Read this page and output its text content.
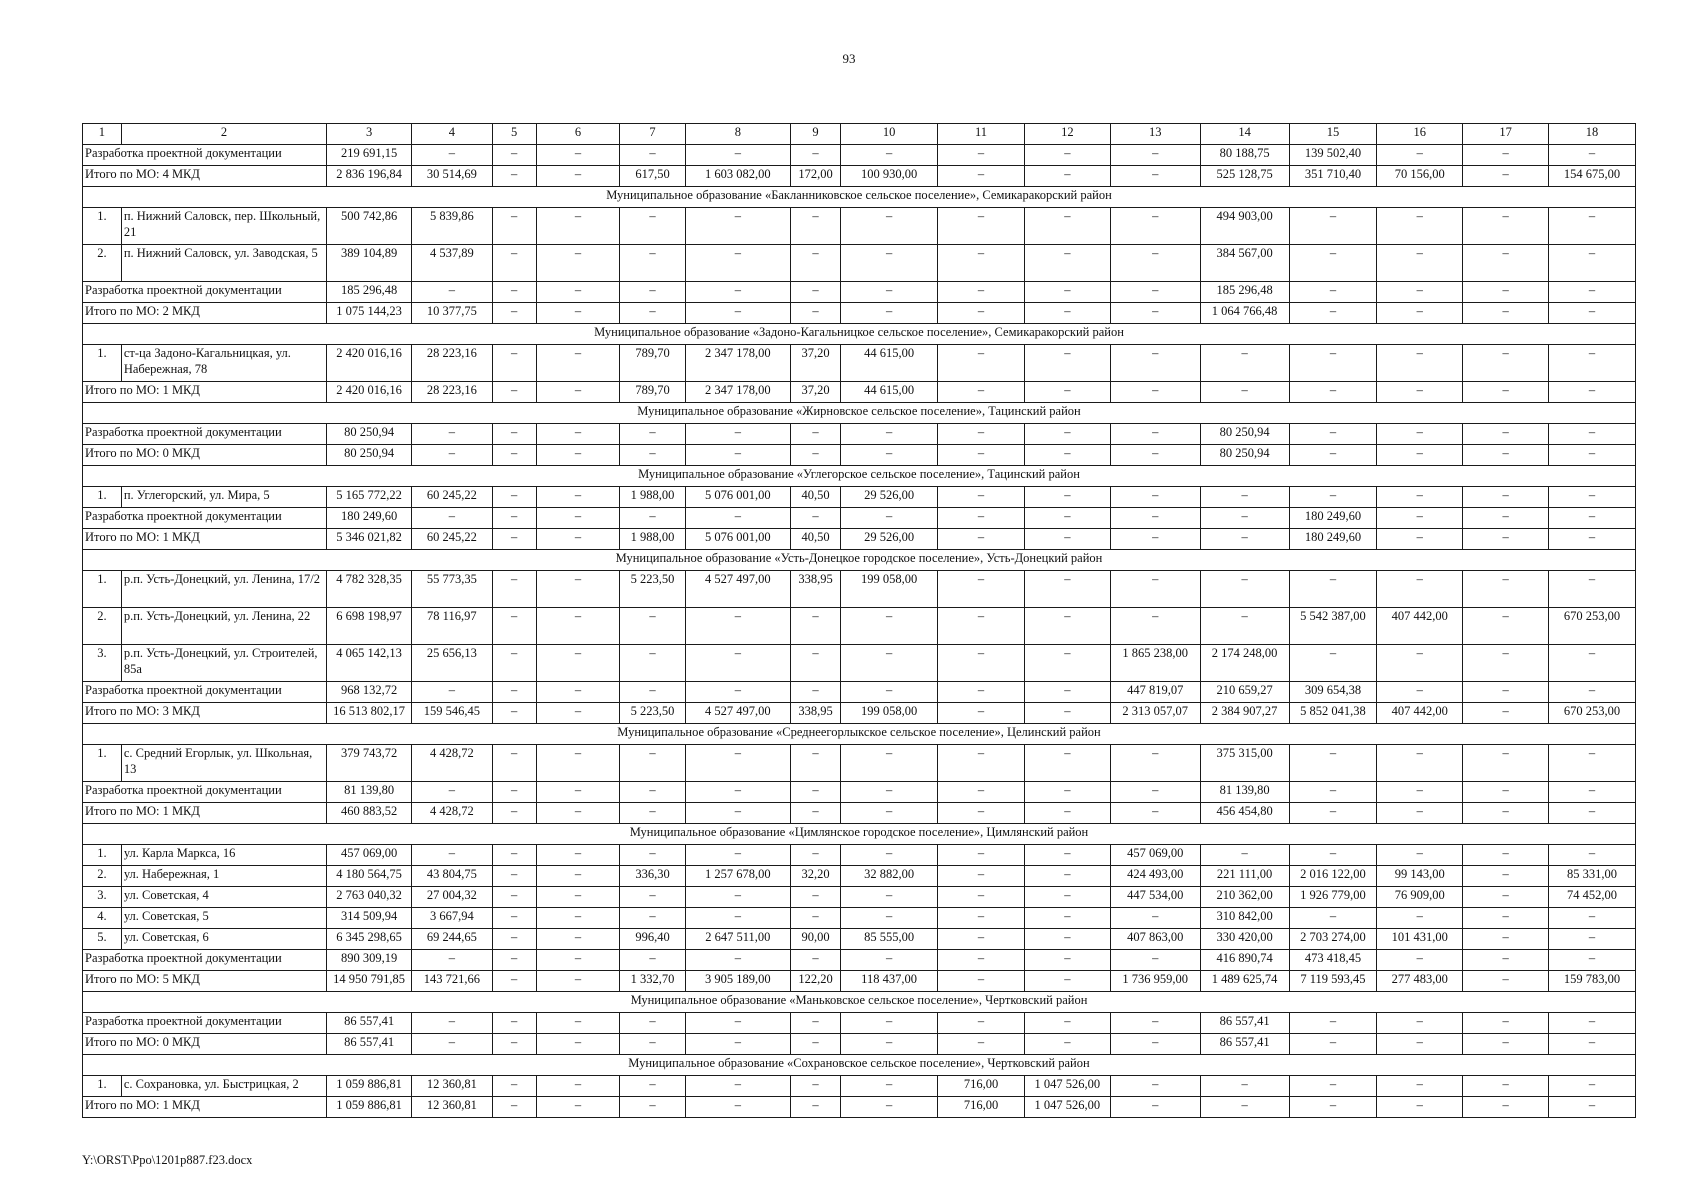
93
1	2	3	4	5	6	7	8	9	10	11	12	13	14	15	16	17	18
Разработка проектной документации		219 691,15	–	–	–	–	–	–	–	–	–	–	80 188,75	139 502,40	–	–	–
Итого по МО: 4 МКД		2 836 196,84	30 514,69	–	–	617,50	1 603 082,00	172,00	100 930,00	–	–	–	525 128,75	351 710,40	70 156,00	–	154 675,00
Муниципальное образование «Бакланниковское сельское поселение», Семикаракорский район																	
1.	п. Нижний Саловск, пер. Школьный, 21	500 742,86	5 839,86	–	–	–	–	–	–	–	–	–	494 903,00	–	–	–	–
2.	п. Нижний Саловск, ул. Заводская, 5	389 104,89	4 537,89	–	–	–	–	–	–	–	–	–	384 567,00	–	–	–	–
Разработка проектной документации		185 296,48	–	–	–	–	–	–	–	–	–	–	185 296,48	–	–	–	–
Итого по МО: 2 МКД		1 075 144,23	10 377,75	–	–	–	–	–	–	–	–	–	1 064 766,48	–	–	–	–
Муниципальное образование «Задоно-Кагальницкое сельское поселение», Семикаракорский район																	
1.	ст-ца Задоно-Кагальницкая, ул. Набережная, 78	2 420 016,16	28 223,16	–	–	789,70	2 347 178,00	37,20	44 615,00	–	–	–	–	–	–	–	–
Итого по МО: 1 МКД		2 420 016,16	28 223,16	–	–	789,70	2 347 178,00	37,20	44 615,00	–	–	–	–	–	–	–	–
Муниципальное образование «Жирновское сельское поселение», Тацинский район																	
Разработка проектной документации		80 250,94	–	–	–	–	–	–	–	–	–	–	80 250,94	–	–	–	–
Итого по МО: 0 МКД		80 250,94	–	–	–	–	–	–	–	–	–	–	80 250,94	–	–	–	–
Муниципальное образование «Углегорское сельское поселение», Тацинский район																	
1.	п. Углегорский, ул. Мира, 5	5 165 772,22	60 245,22	–	–	1 988,00	5 076 001,00	40,50	29 526,00	–	–	–	–	–	–	–	–
Разработка проектной документации		180 249,60	–	–	–	–	–	–	–	–	–	–	–	180 249,60	–	–	–
Итого по МО: 1 МКД		5 346 021,82	60 245,22	–	–	1 988,00	5 076 001,00	40,50	29 526,00	–	–	–	–	180 249,60	–	–	–
Муниципальное образование «Усть-Донецкое городское поселение», Усть-Донецкий район																	
1.	р.п. Усть-Донецкий, ул. Ленина, 17/2	4 782 328,35	55 773,35	–	–	5 223,50	4 527 497,00	338,95	199 058,00	–	–	–	–	–	–	–	–
2.	р.п. Усть-Донецкий, ул. Ленина, 22	6 698 198,97	78 116,97	–	–	–	–	–	–	–	–	–	–	5 542 387,00	407 442,00	–	670 253,00
3.	р.п. Усть-Донецкий, ул. Строителей, 85а	4 065 142,13	25 656,13	–	–	–	–	–	–	–	–	1 865 238,00	2 174 248,00	–	–	–	–
Разработка проектной документации		968 132,72	–	–	–	–	–	–	–	–	–	447 819,07	210 659,27	309 654,38	–	–	–
Итого по МО: 3 МКД		16 513 802,17	159 546,45	–	–	5 223,50	4 527 497,00	338,95	199 058,00	–	–	2 313 057,07	2 384 907,27	5 852 041,38	407 442,00	–	670 253,00
Муниципальное образование «Среднеегорлыкское сельское поселение», Целинский район																	
1.	с. Средний Егорлык, ул. Школьная, 13	379 743,72	4 428,72	–	–	–	–	–	–	–	–	–	375 315,00	–	–	–	–
Разработка проектной документации		81 139,80	–	–	–	–	–	–	–	–	–	–	81 139,80	–	–	–	–
Итого по МО: 1 МКД		460 883,52	4 428,72	–	–	–	–	–	–	–	–	–	456 454,80	–	–	–	–
Муниципальное образование «Цимлянское городское поселение», Цимлянский район																	
1.	ул. Карла Маркса, 16	457 069,00	–	–	–	–	–	–	–	–	–	457 069,00	–	–	–	–	–
2.	ул. Набережная, 1	4 180 564,75	43 804,75	–	–	336,30	1 257 678,00	32,20	32 882,00	–	–	424 493,00	221 111,00	2 016 122,00	99 143,00	–	85 331,00
3.	ул. Советская, 4	2 763 040,32	27 004,32	–	–	–	–	–	–	–	–	447 534,00	210 362,00	1 926 779,00	76 909,00	–	74 452,00
4.	ул. Советская, 5	314 509,94	3 667,94	–	–	–	–	–	–	–	–	–	310 842,00	–	–	–	–
5.	ул. Советская, 6	6 345 298,65	69 244,65	–	–	996,40	2 647 511,00	90,00	85 555,00	–	–	407 863,00	330 420,00	2 703 274,00	101 431,00	–	–
Разработка проектной документации		890 309,19	–	–	–	–	–	–	–	–	–	–	416 890,74	473 418,45	–	–	–
Итого по МО: 5 МКД		14 950 791,85	143 721,66	–	–	1 332,70	3 905 189,00	122,20	118 437,00	–	–	1 736 959,00	1 489 625,74	7 119 593,45	277 483,00	–	159 783,00
Муниципальное образование «Маньковское сельское поселение», Чертковский район																	
Разработка проектной документации		86 557,41	–	–	–	–	–	–	–	–	–	–	86 557,41	–	–	–	–
Итого по МО: 0 МКД		86 557,41	–	–	–	–	–	–	–	–	–	–	86 557,41	–	–	–	–
Муниципальное образование «Сохрановское сельское поселение», Чертковский район																	
1.	с. Сохрановка, ул. Быстрицкая, 2	1 059 886,81	12 360,81	–	–	–	–	–	–	716,00	1 047 526,00	–	–	–	–	–	–
Итого по МО: 1 МКД		1 059 886,81	12 360,81	–	–	–	–	–	–	716,00	1 047 526,00	–	–	–	–	–	–
Y:\ORST\Ppo\1201p887.f23.docx
